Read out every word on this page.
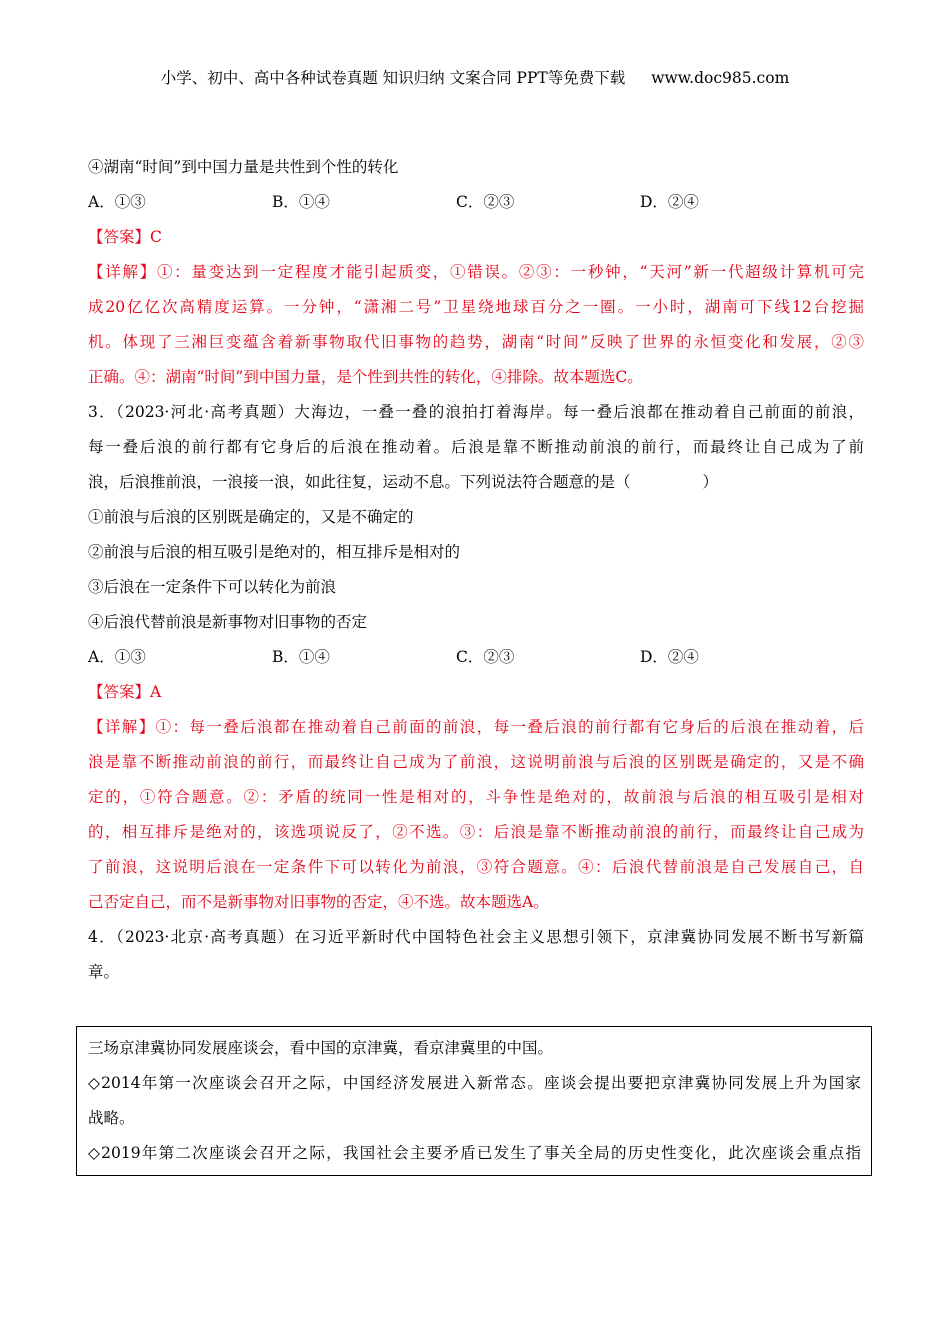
小学、初中、高中各种试卷真题 知识归纳 文案合同 PPT等免费下载 www.doc985.com
④湖南“时间”到中国力量是共性到个性的转化
A．①③	B．①④	C．②③	D．②④
【答案】C
【详解】①：量变达到一定程度才能引起质变，①错误。②③：一秒钟，“天河”新一代超级计算机可完
成20亿亿次高精度运算。一分钟，“潇湘二号”卫星绕地球百分之一圈。一小时，湖南可下线12台挖掘
机。体现了三湘巨变蕴含着新事物取代旧事物的趋势，湖南“时间”反映了世界的永恒变化和发展，②③
正确。④：湖南“时间”到中国力量，是个性到共性的转化，④排除。故本题选C。
3．（2023·河北·高考真题）大海边，一叠一叠的浪拍打着海岸。每一叠后浪都在推动着自己前面的前浪，
每一叠后浪的前行都有它身后的后浪在推动着。后浪是靠不断推动前浪的前行，而最终让自己成为了前
浪，后浪推前浪，一浪接一浪，如此往复，运动不息。下列说法符合题意的是（	）
①前浪与后浪的区别既是确定的，又是不确定的
②前浪与后浪的相互吸引是绝对的，相互排斥是相对的
③后浪在一定条件下可以转化为前浪
④后浪代替前浪是新事物对旧事物的否定
A．①③	B．①④	C．②③	D．②④
【答案】A
【详解】①：每一叠后浪都在推动着自己前面的前浪，每一叠后浪的前行都有它身后的后浪在推动着，后
浪是靠不断推动前浪的前行，而最终让自己成为了前浪，这说明前浪与后浪的区别既是确定的，又是不确
定的，①符合题意。②：矛盾的统同一性是相对的，斗争性是绝对的，故前浪与后浪的相互吸引是相对
的，相互排斥是绝对的，该选项说反了，②不选。③：后浪是靠不断推动前浪的前行，而最终让自己成为
了前浪，这说明后浪在一定条件下可以转化为前浪，③符合题意。④：后浪代替前浪是自己发展自己，自
己否定自己，而不是新事物对旧事物的否定，④不选。故本题选A。
4．（2023·北京·高考真题）在习近平新时代中国特色社会主义思想引领下，京津冀协同发展不断书写新篇
章。
三场京津冀协同发展座谈会，看中国的京津冀，看京津冀里的中国。
◇2014年第一次座谈会召开之际，中国经济发展进入新常态。座谈会提出要把京津冀协同发展上升为国家
战略。
◇2019年第二次座谈会召开之际，我国社会主要矛盾已发生了事关全局的历史性变化，此次座谈会重点指
